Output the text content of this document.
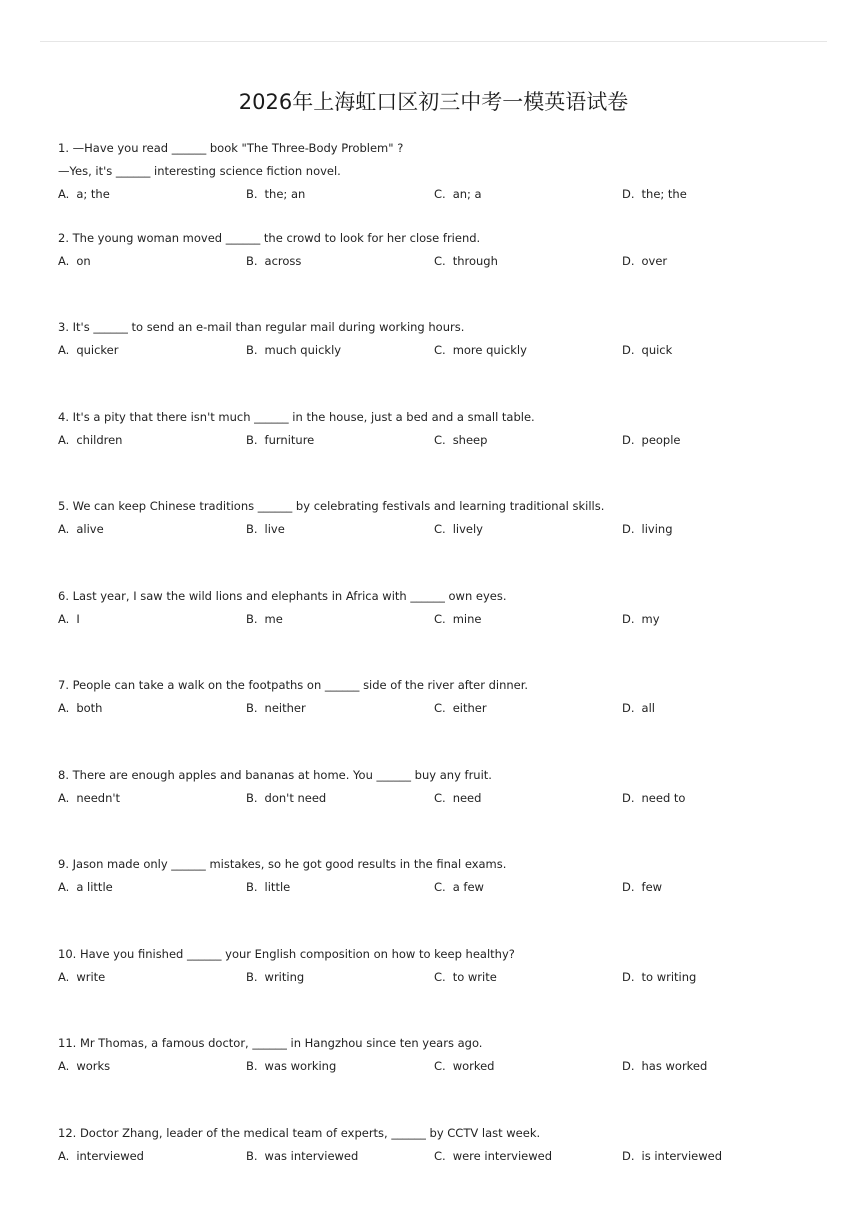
2026年上海虹口区初三中考一模英语试卷
1. —Have you read ______ book "The Three-Body Problem" ?
—Yes, it's ______ interesting science fiction novel.
A. a; the	B. the; an	C. an; a	D. the; the
2. The young woman moved ______ the crowd to look for her close friend.
A. on	B. across	C. through	D. over
3. It's ______ to send an e-mail than regular mail during working hours.
A. quicker	B. much quickly	C. more quickly	D. quick
4. It's a pity that there isn't much ______ in the house, just a bed and a small table.
A. children	B. furniture	C. sheep	D. people
5. We can keep Chinese traditions ______ by celebrating festivals and learning traditional skills.
A. alive	B. live	C. lively	D. living
6. Last year, I saw the wild lions and elephants in Africa with ______ own eyes.
A. I	B. me	C. mine	D. my
7. People can take a walk on the footpaths on ______ side of the river after dinner.
A. both	B. neither	C. either	D. all
8. There are enough apples and bananas at home. You ______ buy any fruit.
A. needn't	B. don't need	C. need	D. need to
9. Jason made only ______ mistakes, so he got good results in the final exams.
A. a little	B. little	C. a few	D. few
10. Have you finished ______ your English composition on how to keep healthy?
A. write	B. writing	C. to write	D. to writing
11. Mr Thomas, a famous doctor, ______ in Hangzhou since ten years ago.
A. works	B. was working	C. worked	D. has worked
12. Doctor Zhang, leader of the medical team of experts, ______ by CCTV last week.
A. interviewed	B. was interviewed	C. were interviewed	D. is interviewed
